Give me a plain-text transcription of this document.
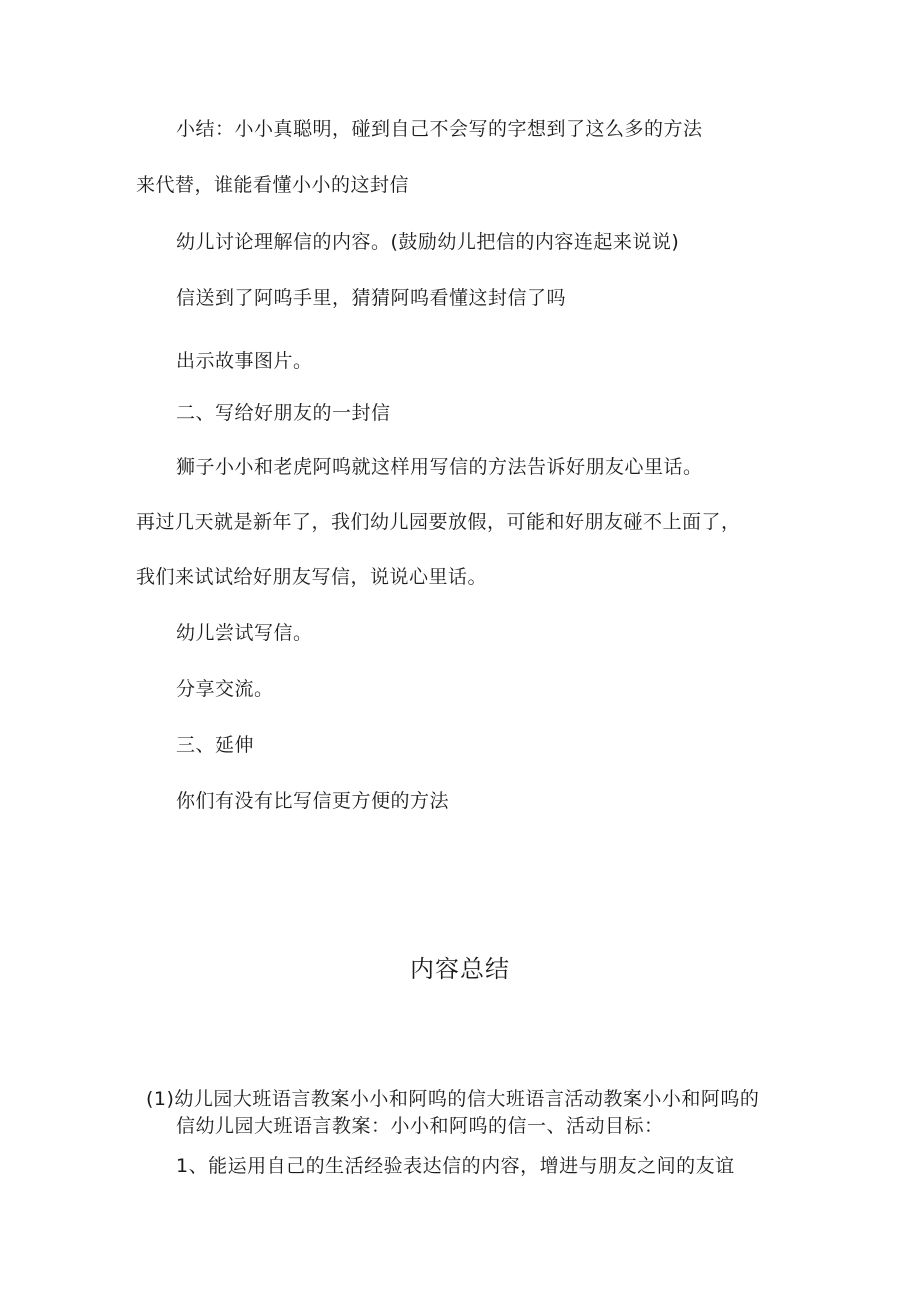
小结：小小真聪明，碰到自己不会写的字想到了这么多的方法
来代替，谁能看懂小小的这封信
幼儿讨论理解信的内容。(鼓励幼儿把信的内容连起来说说)
信送到了阿呜手里，猜猜阿呜看懂这封信了吗
出示故事图片。
二、写给好朋友的一封信
狮子小小和老虎阿呜就这样用写信的方法告诉好朋友心里话。
再过几天就是新年了，我们幼儿园要放假，可能和好朋友碰不上面了，
我们来试试给好朋友写信，说说心里话。
幼儿尝试写信。
分享交流。
三、延伸
你们有没有比写信更方便的方法
内容总结
(1)幼儿园大班语言教案小小和阿呜的信大班语言活动教案小小和阿呜的
信幼儿园大班语言教案：小小和阿呜的信一、活动目标：
1、能运用自己的生活经验表达信的内容，增进与朋友之间的友谊
